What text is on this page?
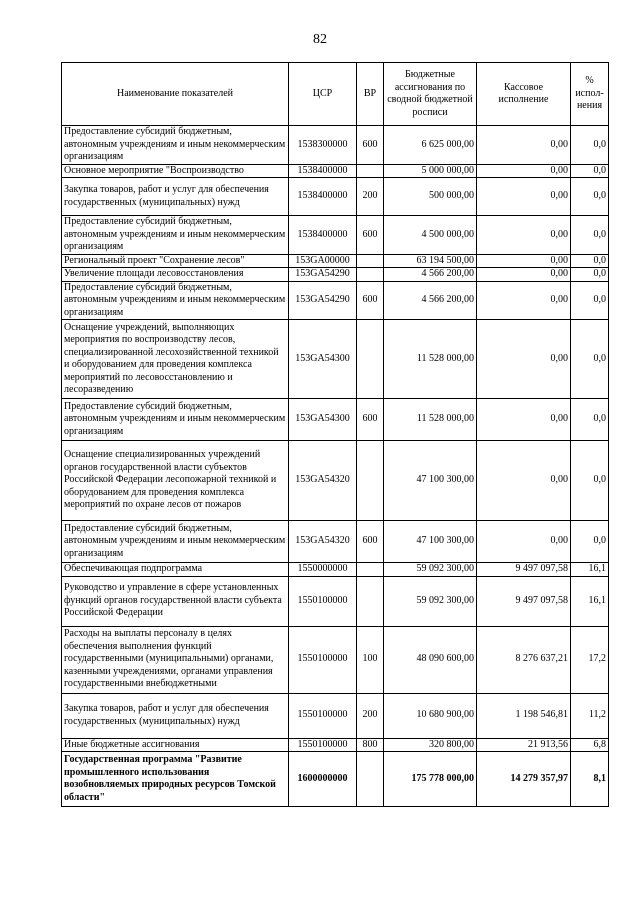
82
Наименование показателей	ЦСР	ВР	Бюджетные ассигнования по сводной бюджетной росписи	Кассовое исполнение	% испол-нения
Предоставление субсидий бюджетным, автономным учреждениям и иным некоммерческим организациям	1538300000	600	6 625 000,00	0,00	0,0
Основное мероприятие "Воспроизводство	1538400000		5 000 000,00	0,00	0,0
Закупка товаров, работ и услуг для обеспечения государственных (муниципальных) нужд	1538400000	200	500 000,00	0,00	0,0
Предоставление субсидий бюджетным, автономным учреждениям и иным некоммерческим организациям	1538400000	600	4 500 000,00	0,00	0,0
Региональный проект "Сохранение лесов"	153GA00000		63 194 500,00	0,00	0,0
Увеличение площади лесовосстановления	153GA54290		4 566 200,00	0,00	0,0
Предоставление субсидий бюджетным, автономным учреждениям и иным некоммерческим организациям	153GA54290	600	4 566 200,00	0,00	0,0
Оснащение учреждений, выполняющих мероприятия по воспроизводству лесов, специализированной лесохозяйственной техникой и оборудованием для проведения комплекса мероприятий по лесовосстановлению и лесоразведению	153GA54300		11 528 000,00	0,00	0,0
Предоставление субсидий бюджетным, автономным учреждениям и иным некоммерческим организациям	153GA54300	600	11 528 000,00	0,00	0,0
Оснащение специализированных учреждений органов государственной власти субъектов Российской Федерации лесопожарной техникой и оборудованием для проведения комплекса мероприятий по охране лесов от пожаров	153GA54320		47 100 300,00	0,00	0,0
Предоставление субсидий бюджетным, автономным учреждениям и иным некоммерческим организациям	153GA54320	600	47 100 300,00	0,00	0,0
Обеспечивающая подпрограмма	1550000000		59 092 300,00	9 497 097,58	16,1
Руководство и управление в сфере установленных функций органов государственной власти субъекта Российской Федерации	1550100000		59 092 300,00	9 497 097,58	16,1
Расходы на выплаты персоналу в целях обеспечения выполнения функций государственными (муниципальными) органами, казенными учреждениями, органами управления государственными внебюджетными	1550100000	100	48 090 600,00	8 276 637,21	17,2
Закупка товаров, работ и услуг для обеспечения государственных (муниципальных) нужд	1550100000	200	10 680 900,00	1 198 546,81	11,2
Иные бюджетные ассигнования	1550100000	800	320 800,00	21 913,56	6,8
Государственная программа "Развитие промышленного использования возобновляемых природных ресурсов Томской области"	1600000000		175 778 000,00	14 279 357,97	8,1
